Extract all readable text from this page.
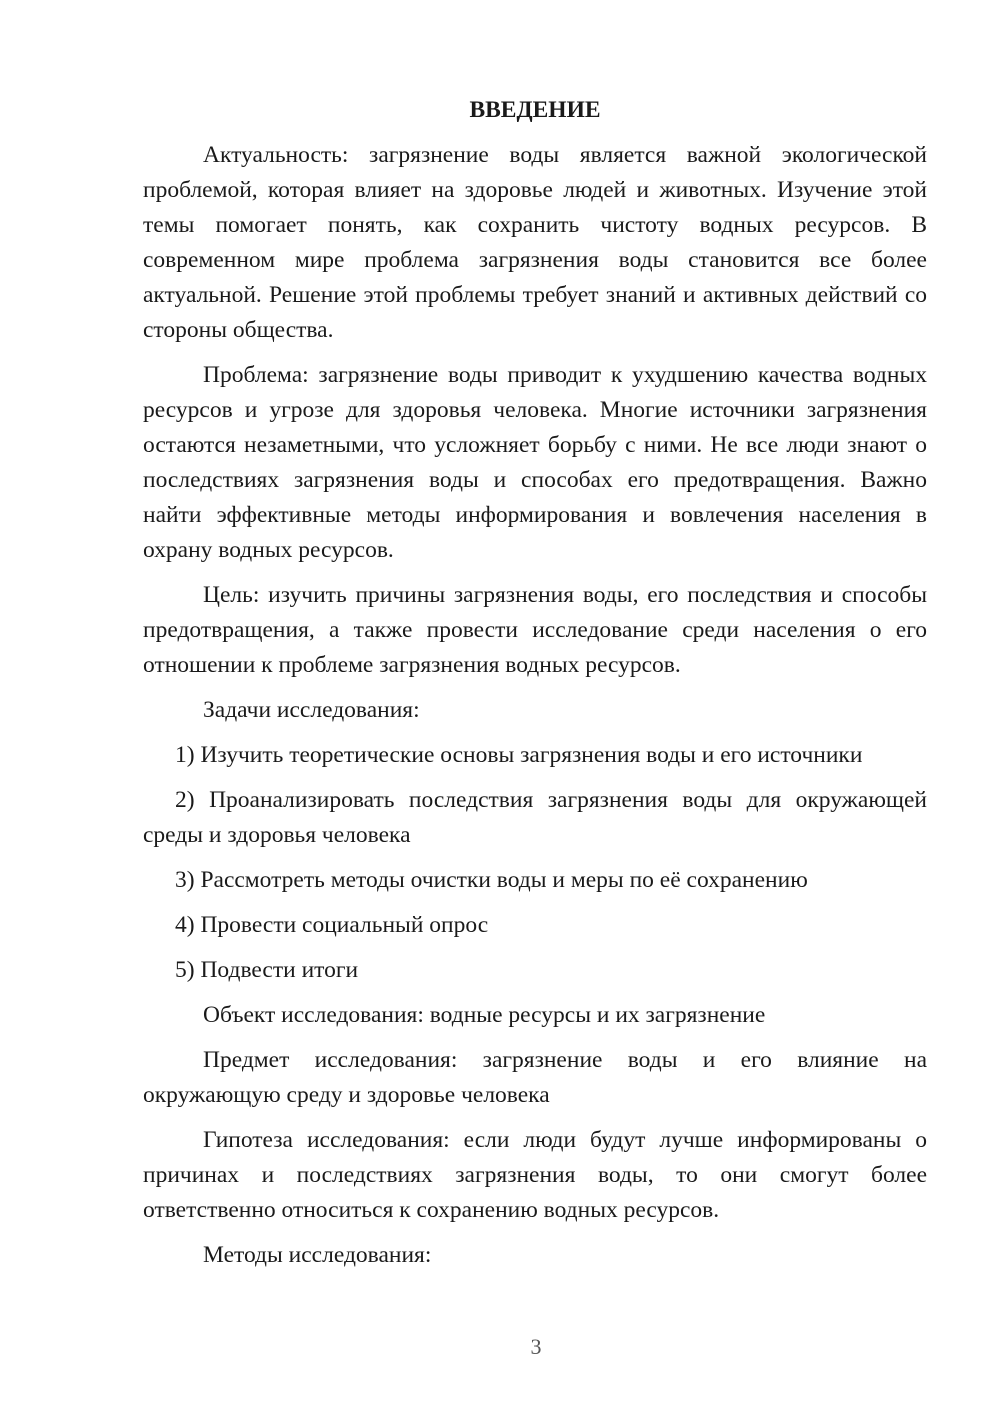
ВВЕДЕНИЕ

Актуальность: загрязнение воды является важной экологической проблемой, которая влияет на здоровье людей и животных. Изучение этой темы помогает понять, как сохранить чистоту водных ресурсов. В современном мире проблема загрязнения воды становится все более актуальной. Решение этой проблемы требует знаний и активных действий со стороны общества.

Проблема: загрязнение воды приводит к ухудшению качества водных ресурсов и угрозе для здоровья человека. Многие источники загрязнения остаются незаметными, что усложняет борьбу с ними. Не все люди знают о последствиях загрязнения воды и способах его предотвращения. Важно найти эффективные методы информирования и вовлечения населения в охрану водных ресурсов.

Цель: изучить причины загрязнения воды, его последствия и способы предотвращения, а также провести исследование среди населения о его отношении к проблеме загрязнения водных ресурсов.

Задачи исследования:

1) Изучить теоретические основы загрязнения воды и его источники

2) Проанализировать последствия загрязнения воды для окружающей среды и здоровья человека

3) Рассмотреть методы очистки воды и меры по её сохранению

4) Провести социальный опрос

5) Подвести итоги

Объект исследования: водные ресурсы и их загрязнение

Предмет исследования: загрязнение воды и его влияние на окружающую среду и здоровье человека

Гипотеза исследования: если люди будут лучше информированы о причинах и последствиях загрязнения воды, то они смогут более ответственно относиться к сохранению водных ресурсов.

Методы исследования:

3
